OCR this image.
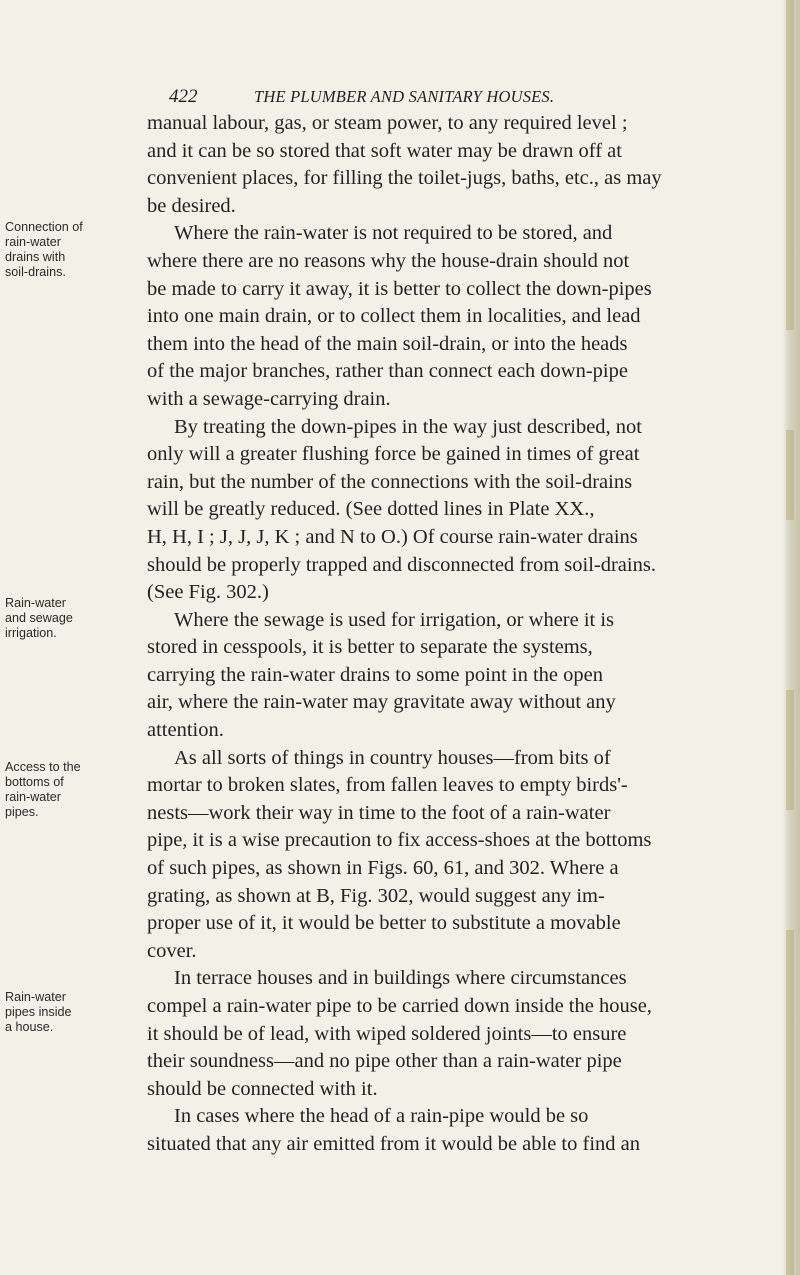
422	THE PLUMBER AND SANITARY HOUSES.
manual labour, gas, or steam power, to any required level ;
and it can be so stored that soft water may be drawn off at
convenient places, for filling the toilet-jugs, baths, etc., as may
be desired.
Where the rain-water is not required to be stored, and
where there are no reasons why the house-drain should not
be made to carry it away, it is better to collect the down-pipes
into one main drain, or to collect them in localities, and lead
them into the head of the main soil-drain, or into the heads
of the major branches, rather than connect each down-pipe
with a sewage-carrying drain.
By treating the down-pipes in the way just described, not
only will a greater flushing force be gained in times of great
rain, but the number of the connections with the soil-drains
will be greatly reduced. (See dotted lines in Plate XX.,
H, H, I ; J, J, J, K ; and N to O.) Of course rain-water drains
should be properly trapped and disconnected from soil-drains.
(See Fig. 302.)
Where the sewage is used for irrigation, or where it is
stored in cesspools, it is better to separate the systems,
carrying the rain-water drains to some point in the open
air, where the rain-water may gravitate away without any
attention.
As all sorts of things in country houses—from bits of
mortar to broken slates, from fallen leaves to empty birds'-
nests—work their way in time to the foot of a rain-water
pipe, it is a wise precaution to fix access-shoes at the bottoms
of such pipes, as shown in Figs. 60, 61, and 302. Where a
grating, as shown at B, Fig. 302, would suggest any im-
proper use of it, it would be better to substitute a movable
cover.
In terrace houses and in buildings where circumstances
compel a rain-water pipe to be carried down inside the house,
it should be of lead, with wiped soldered joints—to ensure
their soundness—and no pipe other than a rain-water pipe
should be connected with it.
In cases where the head of a rain-pipe would be so
situated that any air emitted from it would be able to find an
Connection of
rain-water
drains with
soil-drains.
Rain-water
and sewage
irrigation.
Access to the
bottoms of
rain-water
pipes.
Rain-water
pipes inside
a house.
